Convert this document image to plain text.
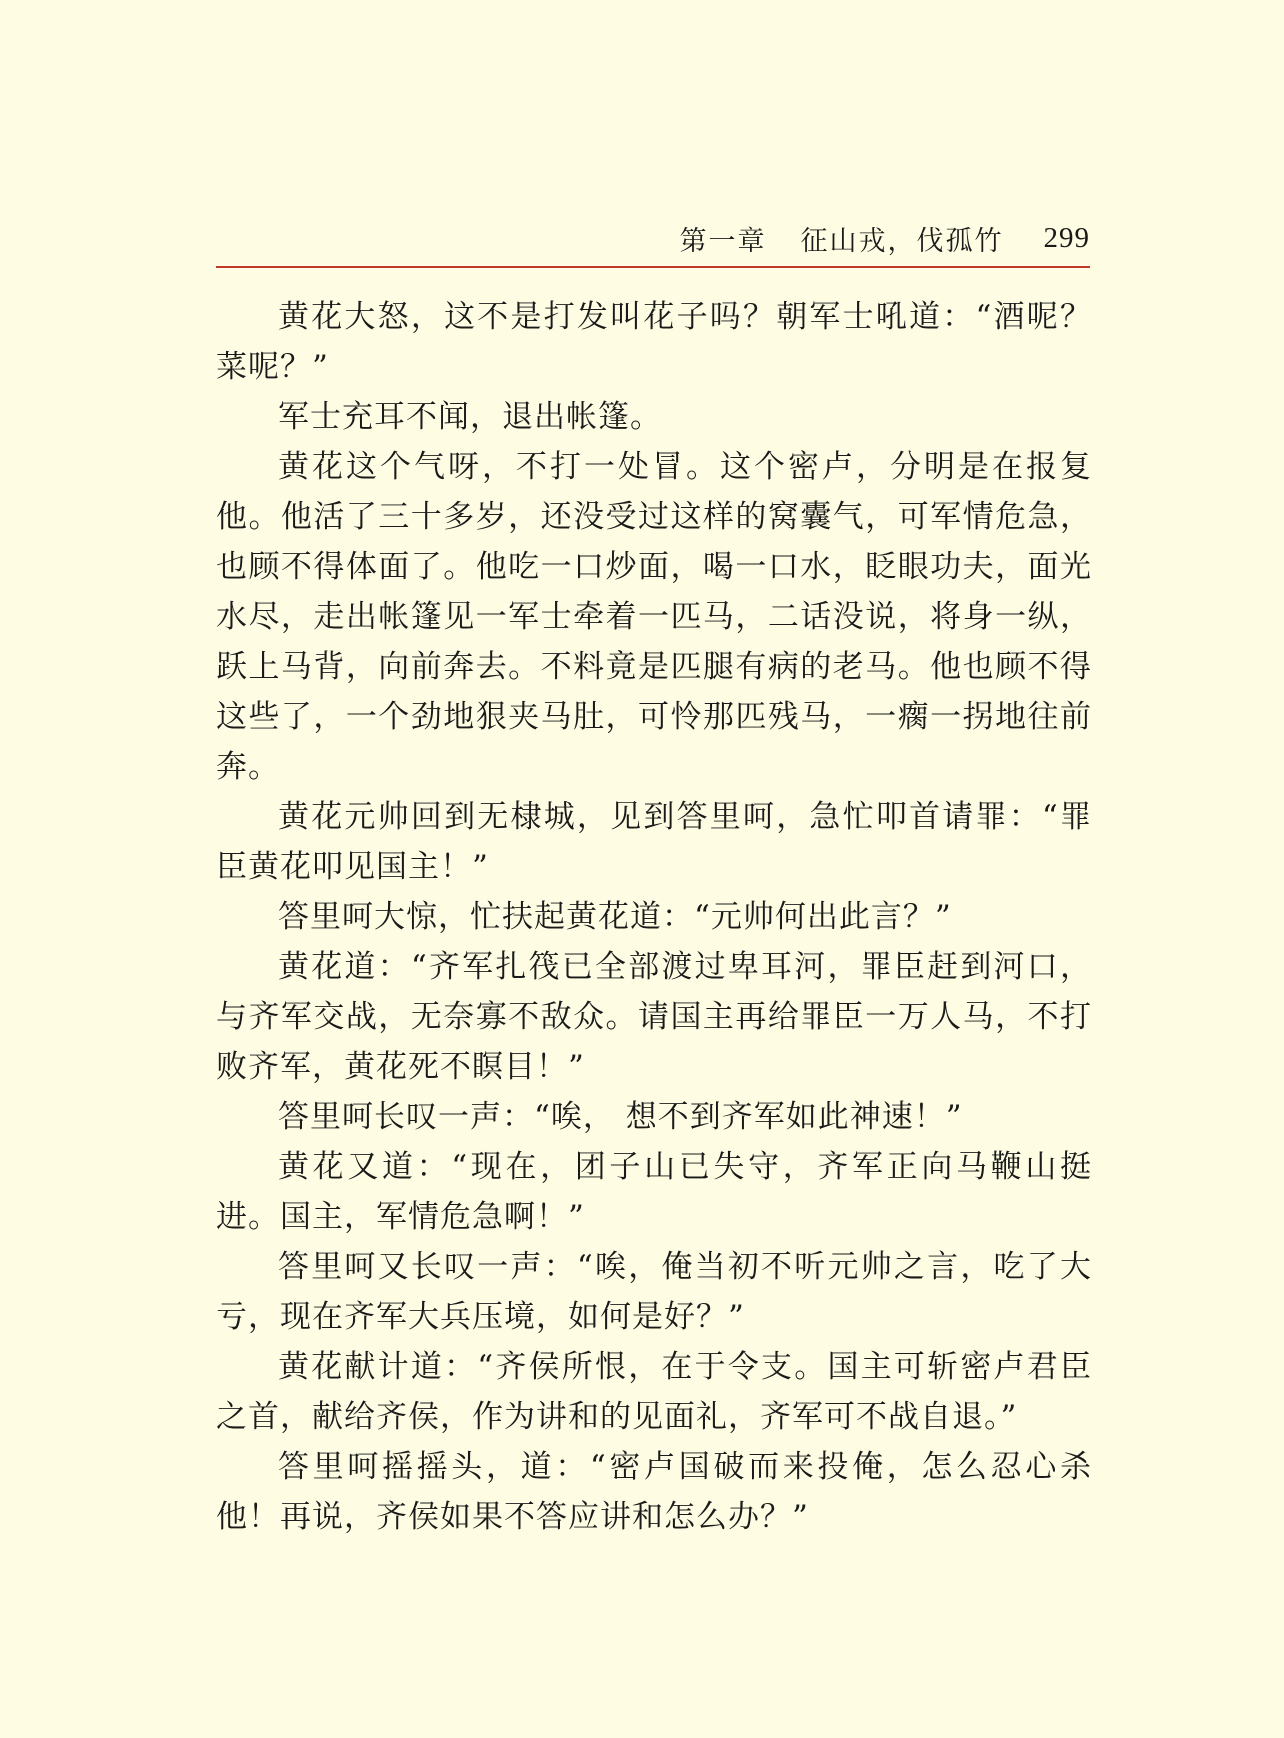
第一章 征山戎，伐孤竹 299

黄花大怒，这不是打发叫花子吗？朝军士吼道：“酒呢？菜呢？”

军士充耳不闻，退出帐篷。

黄花这个气呀，不打一处冒。这个密卢，分明是在报复他。他活了三十多岁，还没受过这样的窝囊气，可军情危急，也顾不得体面了。他吃一口炒面，喝一口水，眨眼功夫，面光水尽，走出帐篷见一军士牵着一匹马，二话没说，将身一纵，跃上马背，向前奔去。不料竟是匹腿有病的老马。他也顾不得这些了，一个劲地狠夹马肚，可怜那匹残马，一瘸一拐地往前奔。

黄花元帅回到无棣城，见到答里呵，急忙叩首请罪：“罪臣黄花叩见国主！”

答里呵大惊，忙扶起黄花道：“元帅何出此言？”

黄花道：“齐军扎筏已全部渡过卑耳河，罪臣赶到河口，与齐军交战，无奈寡不敌众。请国主再给罪臣一万人马，不打败齐军，黄花死不瞑目！”

答里呵长叹一声：“唉， 想不到齐军如此神速！”

黄花又道：“现在，团子山已失守，齐军正向马鞭山挺进。国主，军情危急啊！”

答里呵又长叹一声：“唉，俺当初不听元帅之言，吃了大亏，现在齐军大兵压境，如何是好？”

黄花献计道：“齐侯所恨，在于令支。国主可斩密卢君臣之首，献给齐侯，作为讲和的见面礼，齐军可不战自退。”

答里呵摇摇头，道：“密卢国破而来投俺，怎么忍心杀他！再说，齐侯如果不答应讲和怎么办？”
